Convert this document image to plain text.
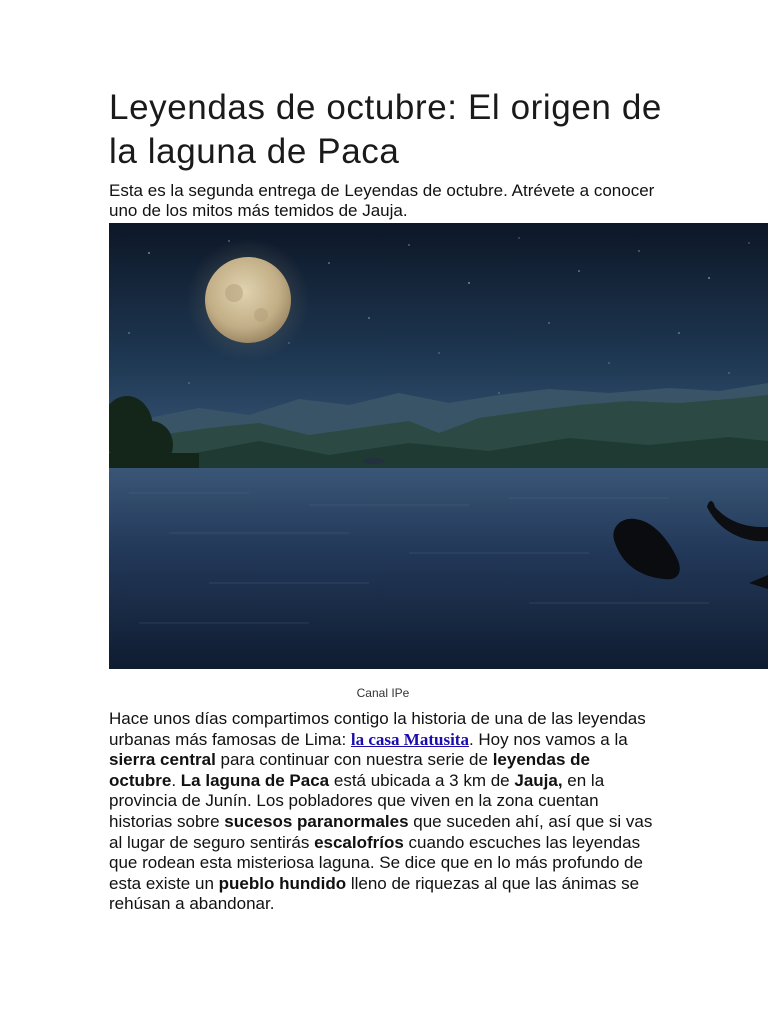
Leyendas de octubre: El origen de la laguna de Paca

Esta es la segunda entrega de Leyendas de octubre. Atrévete a conocer uno de los mitos más temidos de Jauja.

Canal IPe

Hace unos días compartimos contigo la historia de una de las leyendas urbanas más famosas de Lima: la casa Matusita. Hoy nos vamos a la sierra central para continuar con nuestra serie de leyendas de octubre. La laguna de Paca está ubicada a 3 km de Jauja, en la provincia de Junín. Los pobladores que viven en la zona cuentan historias sobre sucesos paranormales que suceden ahí, así que si vas al lugar de seguro sentirás escalofríos cuando escuches las leyendas que rodean esta misteriosa laguna. Se dice que en lo más profundo de esta existe un pueblo hundido lleno de riquezas al que las ánimas se rehúsan a abandonar.
